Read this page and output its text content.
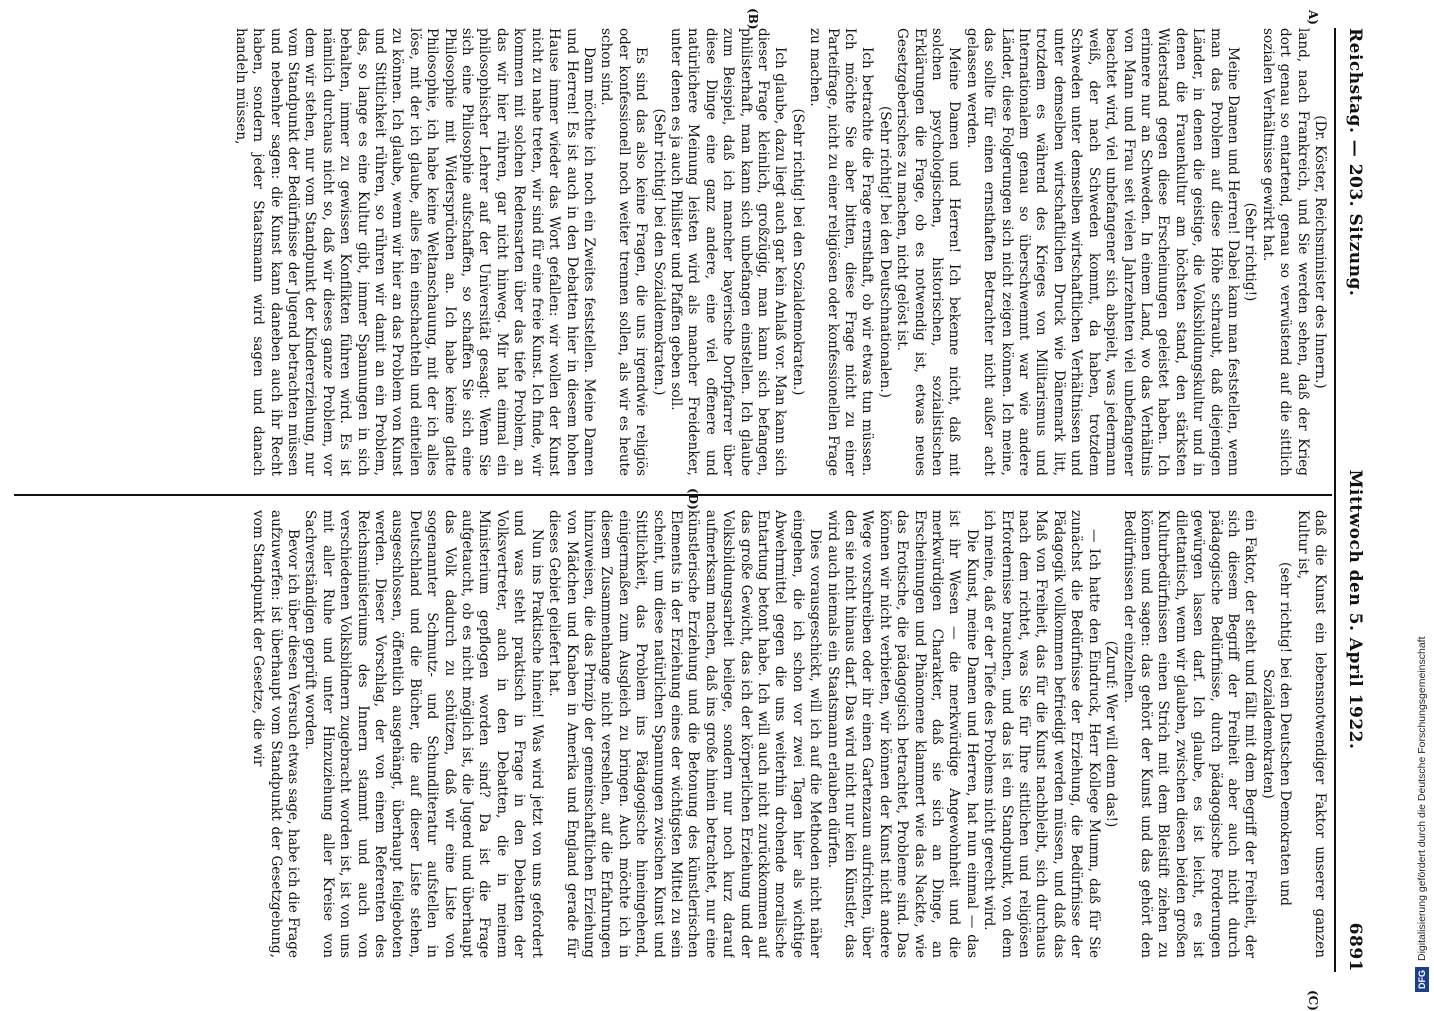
Reichstag. — 203. Sitzung.
Mittwoch den 5. April 1922.
6891
A)
(B)
(C)
(D)

(Dr. Köster, Reichsminister des Innern.)

land, nach Frankreich, und Sie werden sehen, daß der Krieg dort genau so entartend, genau so verwüstend auf die sittlich sozialen Verhältnisse gewirkt hat.

(Sehr richtig!)

Meine Damen und Herren! Dabei kann man feststellen, wenn man das Problem auf diese Höhe schraubt, daß diejenigen Länder, in denen die geistige, die Volksbildungskultur und in denen die Frauenkultur am höchsten stand, den stärksten Widerstand gegen diese Erscheinungen geleistet haben. Ich erinnere nur an Schweden. In einem Land, wo das Verhältnis von Mann und Frau seit vielen Jahrzehnten viel unbefangener beachtet wird, viel unbefangener sich abspielt, was jedermann weiß, der nach Schweden kommt, da haben, trotzdem Schweden unter demselben wirtschaftlichen Verhältnissen und unter demselben wirtschaftlichen Druck wie Dänemark litt, trotzdem es während des Krieges von Militarismus und Internationalem genau so überschwemmt war wie andere Länder, diese Folgerungen sich nicht zeigen können. Ich meine, das sollte für einen ernsthaften Betrachter nicht außer acht gelassen werden.

Meine Damen und Herren! Ich bekenne nicht, daß mit solchen psychologischen, historischen, sozialistischen Erklärungen die Frage, ob es notwendig ist, etwas neues Gesetzgeberisches zu machen, nicht gelöst ist.

(Sehr richtig! bei den Deutschnationalen.)

Ich betrachte die Frage ernsthaft, ob wir etwas tun müssen. Ich möchte Sie aber bitten, diese Frage nicht zu einer Parteifrage, nicht zu einer religiösen oder konfessionellen Frage zu machen.

(Sehr richtig! bei den Sozialdemokraten.)

Ich glaube, dazu liegt auch gar kein Anlaß vor. Man kann sich dieser Frage kleinlich, großzügig, man kann sich befangen, philisterhaft, man kann sich unbefangen einstellen. Ich glaube zum Beispiel, daß ich mancher bayerische Dorfpfarrer über diese Dinge eine ganz andere, eine viel offenere und natürlichere Meinung leisten wird als mancher Freidenker, unter denen es ja auch Philister und Pfaffen geben soll.

(Sehr richtig! bei den Sozialdemokraten.)

Es sind das also keine Fragen, die uns irgendwie religiös oder konfessionell noch weiter trennen sollen, als wir es heute schon sind.

Dann möchte ich noch ein Zweites feststellen. Meine Damen und Herren! Es ist auch in den Debatten hier in diesem hohen Hause immer wieder das Wort gefallen: wir wollen der Kunst nicht zu nahe treten, wir sind für eine freie Kunst. Ich finde, wir kommen mit solchen Redensarten über das tiefe Problem, an das wir hier rühren, gar nicht hinweg. Mir hat einmal ein philosophischer Lehrer auf der Universität gesagt: Wenn Sie sich eine Philosophie aufschaffen, so schaffen Sie sich eine Philosophie mit Widersprüchen an. Ich habe keine glatte Philosophie, ich habe keine Weltanschauung, mit der ich alles löse, mit der ich glaube, alles fein einschachteln und einteilen zu können. Ich glaube, wenn wir hier an das Problem von Kunst und Sittlichkeit rühren, so rühren wir damit an ein Problem, das, so lange es eine Kultur gibt, immer Spannungen in sich behalten, immer zu gewissen Konflikten führen wird. Es ist nämlich durchaus nicht so, daß wir dieses ganze Problem, vor dem wir stehen, nur vom Standpunkt der Kindererziehung, nur vom Standpunkt der Bedürfnisse der Jugend betrachten müssen und nebenher sagen: die Kunst kann daneben auch ihr Recht haben, sondern jeder Staatsmann wird sagen und danach handeln müssen,

daß die Kunst ein lebensnotwendiger Faktor unserer ganzen Kultur ist,

(sehr richtig! bei den Deutschen Demokraten und Sozialdemokraten)

ein Faktor, der steht und fällt mit dem Begriff der Freiheit, der sich diesem Begriff der Freiheit aber auch nicht durch pädagogische Bedürfnisse, durch pädagogische Forderungen gewürgen lassen darf. Ich glaube, es ist leicht, es ist dilettantisch, wenn wir glauben, zwischen diesen beiden großen Kulturbedürfnissen einen Strich mit dem Bleistift ziehen zu können und sagen: das gehört der Kunst und das gehört den Bedürfnissen der einzelnen.

(Zuruf: Wer will denn das!)

— Ich hatte den Eindruck, Herr Kollege Mumm, daß für Sie zunächst die Bedürfnisse der Erziehung, die Bedürfnisse der Pädagogik vollkommen befriedigt werden müssen, und daß das Maß von Freiheit, das für die Kunst nachbleibt, sich durchaus nach dem richtet, was Sie für Ihre sittlichen und religiösen Erfordernisse brauchen, und das ist ein Standpunkt, von dem ich meine, daß er der Tiefe des Problems nicht gerecht wird.

Die Kunst, meine Damen und Herren, hat nun einmal — das ist ihr Wesen — die merkwürdige Angewohnheit und die merkwürdigen Charakter, daß sie sich an Dinge, an Erscheinungen und Phänomene klammert wie das Nackte, wie das Erotische, die pädagogisch betrachtet, Probleme sind. Das können wir nicht verbieten, wir können der Kunst nicht andere Wege vorschreiben oder ihr einen Gartenzaun aufrichten, über den sie nicht hinaus darf. Das wird nicht nur kein Künstler, das wird auch niemals ein Staatsmann erlauben dürfen.

Dies vorausgeschickt, will ich auf die Methoden nicht näher eingehen, die ich schon vor zwei Tagen hier als wichtige Abwehrmittel gegen die uns weiterhin drohende moralische Entartung betont habe. Ich will auch nicht zurückkommen auf das große Gewicht, das ich der körperlichen Erziehung und der Volksbildungsarbeit beilege, sondern nur noch kurz darauf aufmerksam machen, daß ins große hinein betrachtet, nur eine künstlerische Erziehung und die Betonung des künstlerischen Elements in der Erziehung eines der wichtigsten Mittel zu sein scheint, um diese natürlichen Spannungen zwischen Kunst und Sittlichkeit, das Problem ins Pädagogische hineingehend, einigermaßen zum Ausgleich zu bringen. Auch möchte ich in diesem Zusammenhange nicht versehlen, auf die Erfahrungen hinzuweisen, die das Prinzip der gemeinschaftlichen Erziehung von Mädchen und Knaben in Amerika und England gerade für dieses Gebiet geliefert hat.

Nun ins Praktische hinein! Was wird jetzt von uns gefordert und was steht praktisch in Frage in den Debatten der Volksvertreter, auch in den Debatten, die in meinem Ministerium gepflogen worden sind? Da ist die Frage aufgetaucht, ob es nicht möglich ist, die Jugend und überhaupt das Volk dadurch zu schützen, daß wir eine Liste von sogenannter Schmutz- und Schundliteratur aufstellen in Deutschland und die Bücher, die auf dieser Liste stehen, ausgeschlossen, öffentlich ausgehängt, überhaupt feilgeboten werden. Dieser Vorschlag, der von einem Referenten des Reichsministeriums des Innern stammt und auch von verschiedenen Volksbildnern zugebracht worden ist, ist von uns mit aller Ruhe und unter Hinzuziehung aller Kreise von Sachverständigen geprüft worden.

Bevor ich über diesen Versuch etwas sage, habe ich die Frage aufzuwerfen: ist überhaupt vom Standpunkt der Gesetzgebung, vom Standpunkt der Gesetze, die wir

DFGDigitalisierung gefördert durch die Deutsche Forschungsgemeinschaft
